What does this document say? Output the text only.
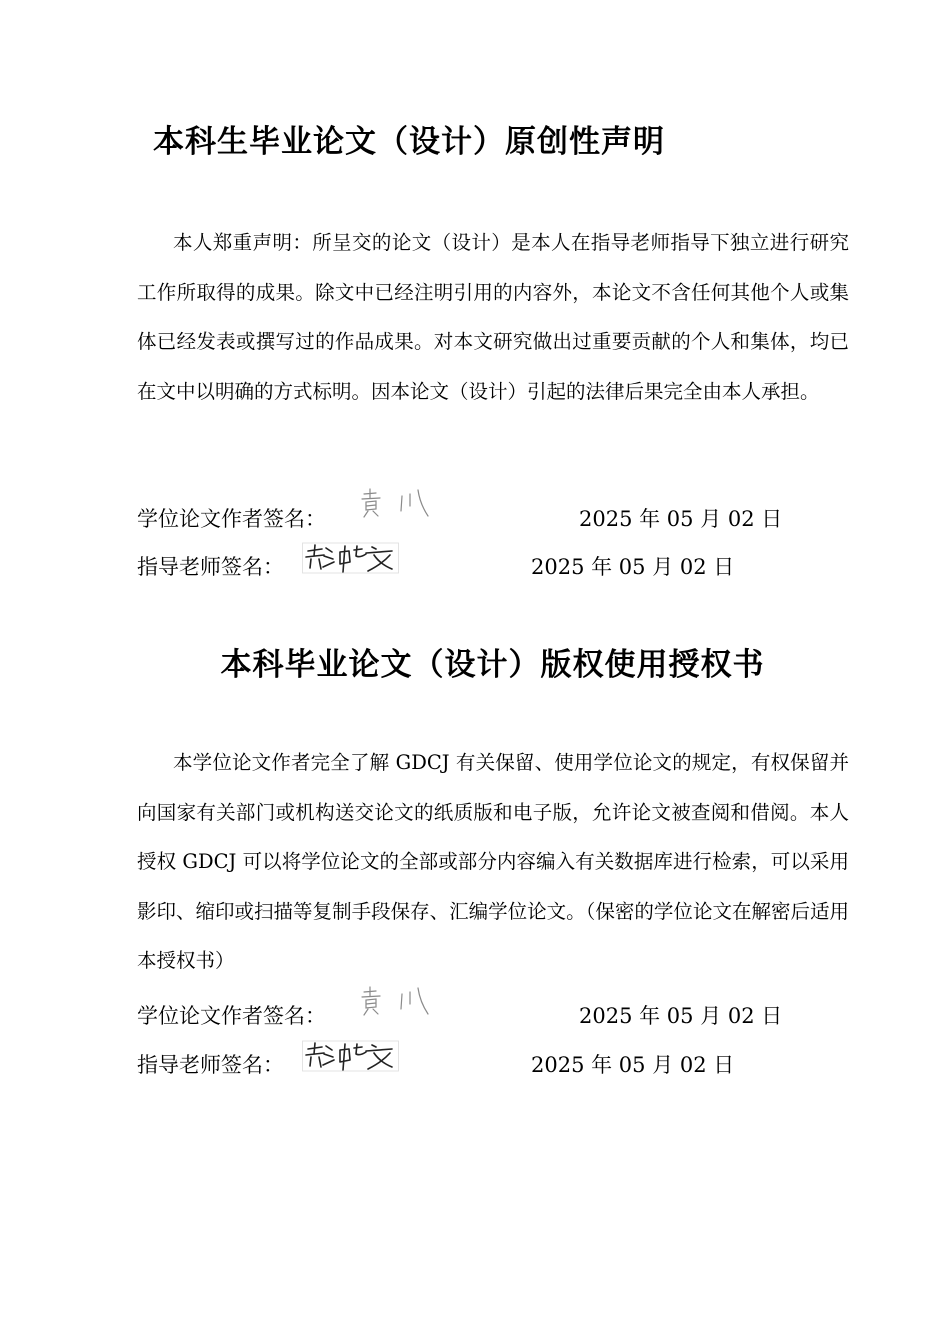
本科生毕业论文（设计）原创性声明
本人郑重声明：所呈交的论文（设计）是本人在指导老师指导下独立进行研究工作所取得的成果。除文中已经注明引用的内容外，本论文不含任何其他个人或集体已经发表或撰写过的作品成果。对本文研究做出过重要贡献的个人和集体，均已在文中以明确的方式标明。因本论文（设计）引起的法律后果完全由本人承担。
学位论文作者签名：	2025 年 05 月 02 日
指导老师签名：	2025 年 05 月 02 日
本科毕业论文（设计）版权使用授权书
本学位论文作者完全了解 GDCJ 有关保留、使用学位论文的规定，有权保留并向国家有关部门或机构送交论文的纸质版和电子版，允许论文被查阅和借阅。本人授权 GDCJ 可以将学位论文的全部或部分内容编入有关数据库进行检索，可以采用影印、缩印或扫描等复制手段保存、汇编学位论文。（保密的学位论文在解密后适用本授权书）
学位论文作者签名：	2025 年 05 月 02 日
指导老师签名：	2025 年 05 月 02 日
